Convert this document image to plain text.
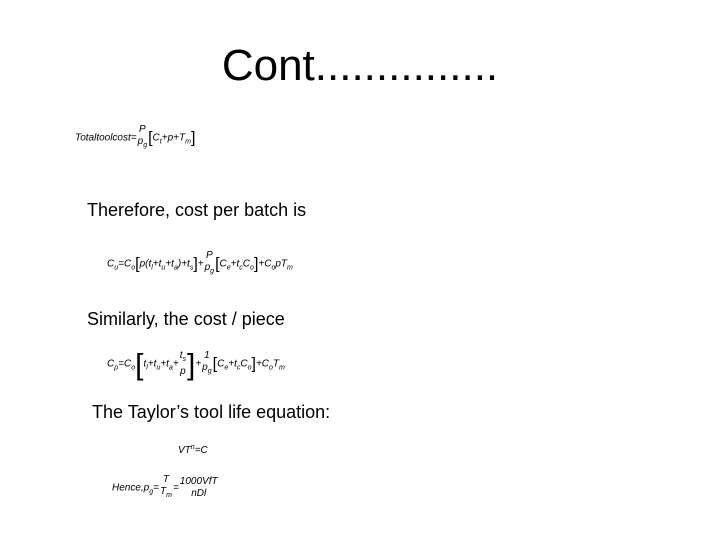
Cont...............
Totaltoolcost=
P
$p_g$ $[C_t+p+T_m]$
Therefore, cost per batch is
$C_u=C_o[p(t_l+t_u+t_a)+t_s]+$
P
$p_g$ $[C_e+t_cC_o]+C_opT_m$
Similarly, the cost / piece
$C_p=C_o[t_l+t_u+t_a+$
$t_s$
p ]+
1
$p_g$ $[C_e+t_cC_o]+C_oT_m$
The Taylor’s tool life equation:
$VT^n=C$
$Hence,p_g=$
T
$T_m$
=
1000VfT
nDl
